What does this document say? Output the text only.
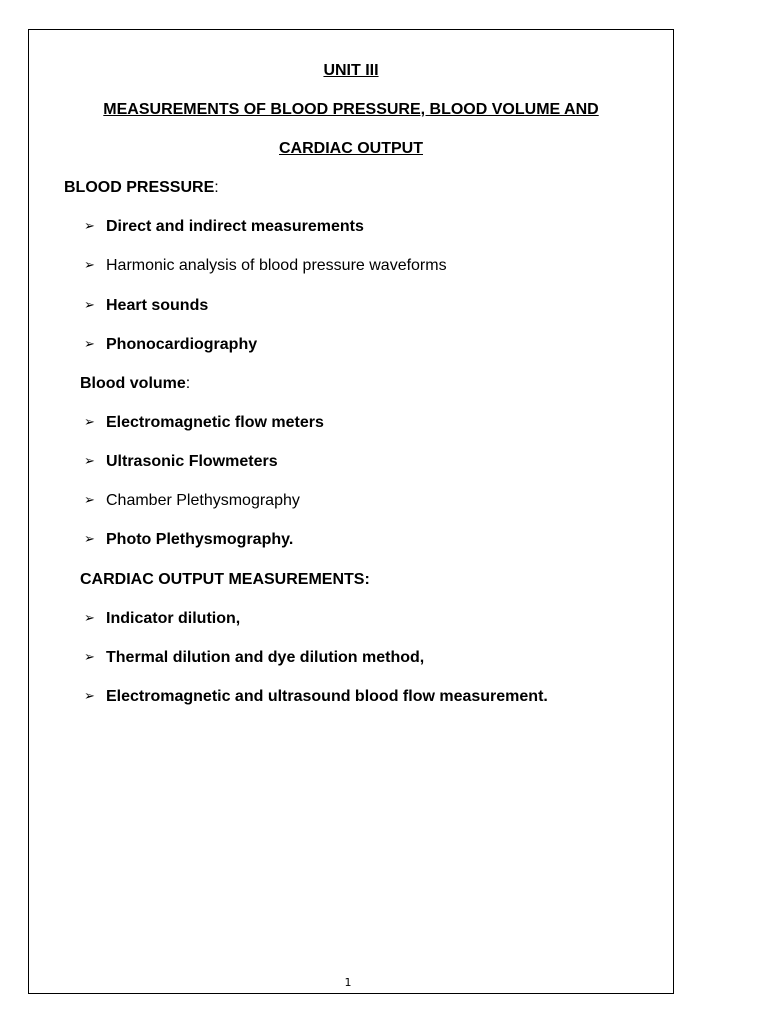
UNIT III
MEASUREMENTS OF BLOOD PRESSURE, BLOOD VOLUME AND
CARDIAC OUTPUT
BLOOD PRESSURE:
➢ Direct and indirect measurements
➢ Harmonic analysis of blood pressure waveforms
➢ Heart sounds
➢ Phonocardiography
Blood volume:
➢ Electromagnetic flow meters
➢ Ultrasonic Flowmeters
➢ Chamber Plethysmography
➢ Photo Plethysmography.
CARDIAC OUTPUT MEASUREMENTS:
➢ Indicator dilution,
➢ Thermal dilution and dye dilution method,
➢ Electromagnetic and ultrasound blood flow measurement.
1
